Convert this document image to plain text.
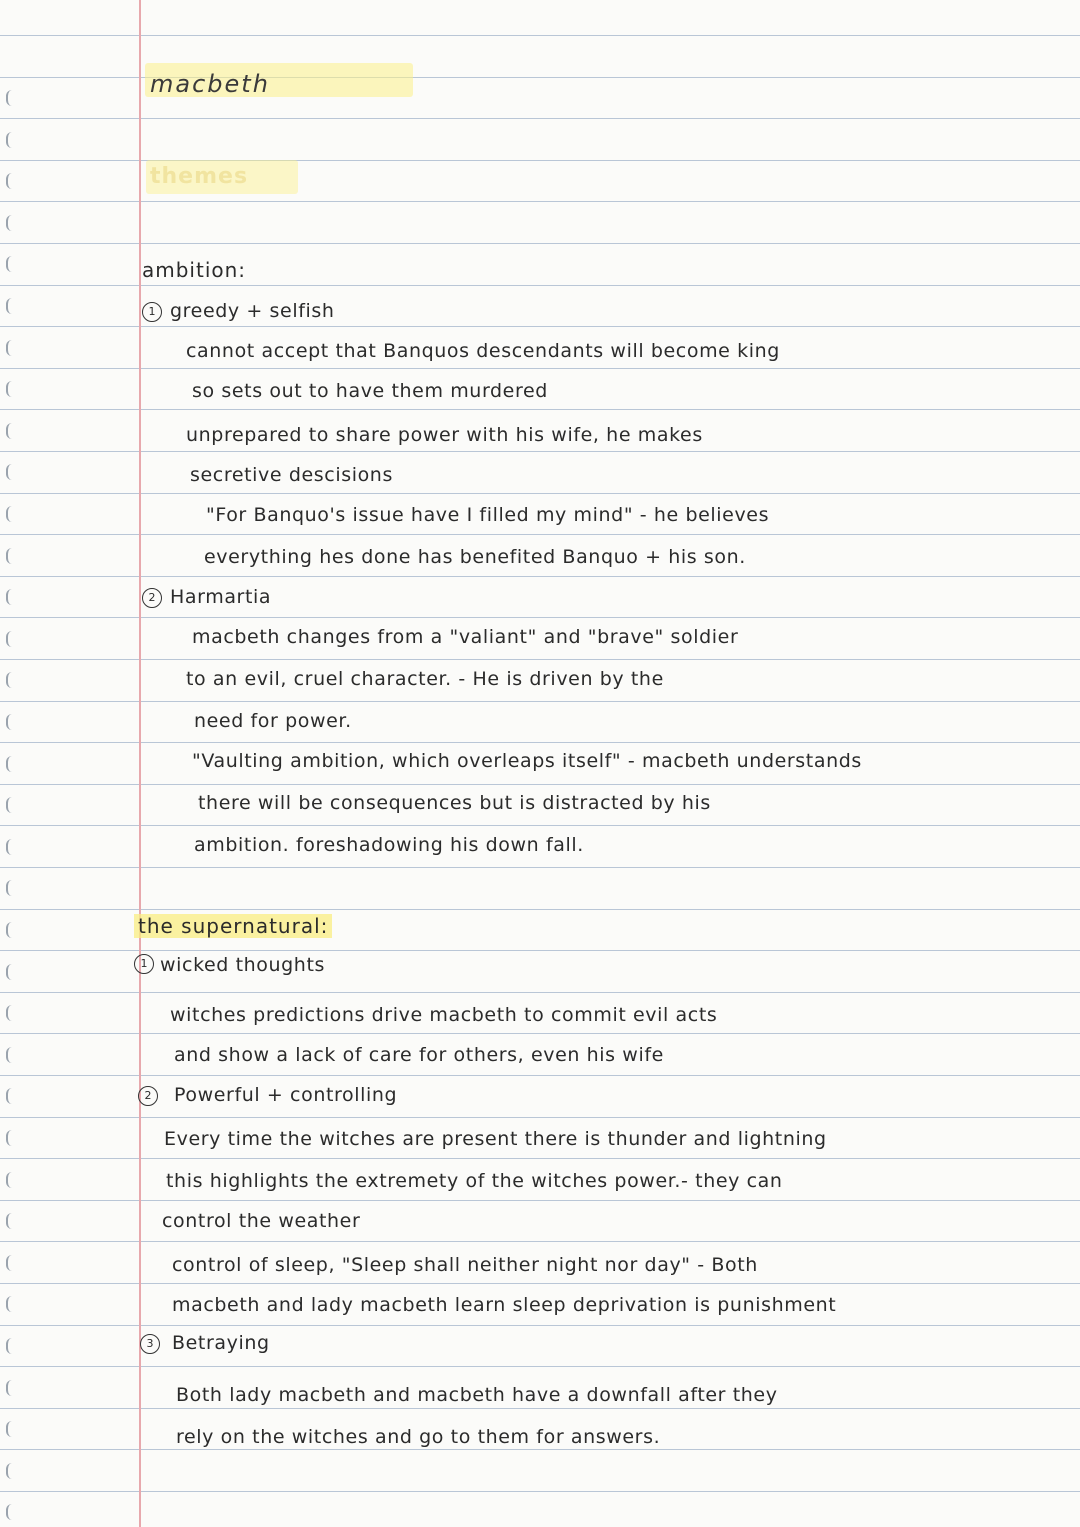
macbeth
themes
ambition:
1 greedy + selfish
cannot accept that Banquos descendants will become king
so sets out to have them murdered
unprepared to share power with his wife, he makes
secretive descisions
"For Banquo's issue have I filled my mind" - he believes
everything hes done has benefited Banquo + his son.
2 Harmartia
macbeth changes from a "valiant" and "brave" soldier
to an evil, cruel character. - He is driven by the
need for power.
"Vaulting ambition, which overleaps itself" - macbeth understands
there will be consequences but is distracted by his
ambition. foreshadowing his down fall.
the supernatural:
1 wicked thoughts
witches predictions drive macbeth to commit evil acts
and show a lack of care for others, even his wife
2	Powerful + controlling
Every time the witches are present there is thunder and lightning
this highlights the extremety of the witches power.- they can
control the weather
control of sleep, "Sleep shall neither night nor day" - Both
macbeth and lady macbeth learn sleep deprivation is punishment
3 Betraying
Both lady macbeth and macbeth have a downfall after they
rely on the witches and go to them for answers.
